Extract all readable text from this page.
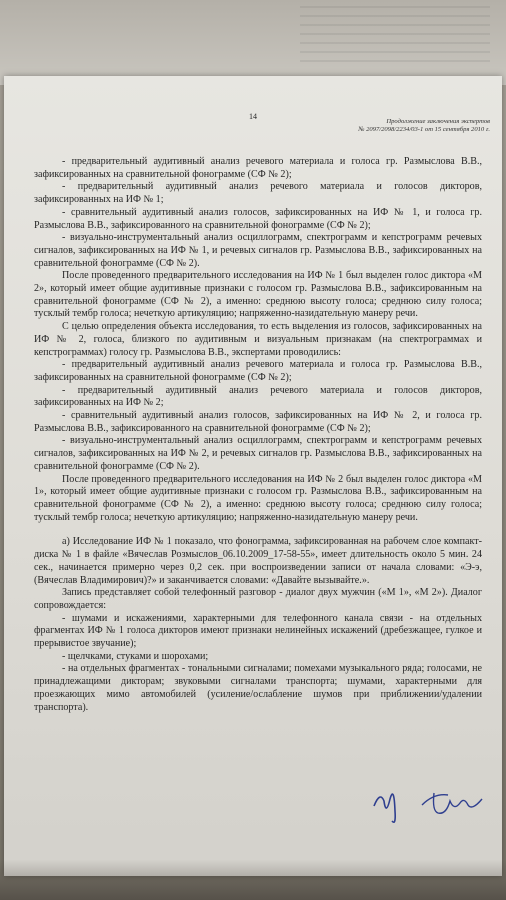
14
Продолжение заключения экспертов
№ 2097/2098/2234/03-1 от 15 сентября 2010 г.

- предварительный аудитивный анализ речевого материала и голоса гр. Размыслова В.В., зафиксированных на сравнительной фонограмме (СФ № 2);

- предварительный аудитивный анализ речевого материала и голосов дикторов, зафиксированных на ИФ № 1;

- сравнительный аудитивный анализ голосов, зафиксированных на ИФ № 1, и голоса гр. Размыслова В.В., зафиксированного на сравнительной фонограмме (СФ № 2);

- визуально-инструментальный анализ осциллограмм, спектрограмм и кепстрограмм речевых сигналов, зафиксированных на ИФ № 1, и речевых сигналов гр. Размыслова В.В., зафиксированных на сравнительной фонограмме (СФ № 2).

После проведенного предварительного исследования на ИФ № 1 был выделен голос диктора «М 2», который имеет общие аудитивные признаки с голосом гр. Размыслова В.В., зафиксированным на сравнительной фонограмме (СФ № 2), а именно: среднюю высоту голоса; среднюю силу голоса; тусклый тембр голоса; нечеткую артикуляцию; напряженно-назидательную манеру речи.

С целью определения объекта исследования, то есть выделения из голосов, зафиксированных на ИФ № 2, голоса, близкого по аудитивным и визуальным признакам (на спектрограммах и кепстрограммах) голосу гр. Размыслова В.В., экспертами проводились:

- предварительный аудитивный анализ речевого материала и голоса гр. Размыслова В.В., зафиксированных на сравнительной фонограмме (СФ № 2);

- предварительный аудитивный анализ речевого материала и голосов дикторов, зафиксированных на ИФ № 2;

- сравнительный аудитивный анализ голосов, зафиксированных на ИФ № 2, и голоса гр. Размыслова В.В., зафиксированного на сравнительной фонограмме (СФ № 2);

- визуально-инструментальный анализ осциллограмм, спектрограмм и кепстрограмм речевых сигналов, зафиксированных на ИФ № 2, и речевых сигналов гр. Размыслова В.В., зафиксированных на сравнительной фонограмме (СФ № 2).

После проведенного предварительного исследования на ИФ № 2 был выделен голос диктора «М 1», который имеет общие аудитивные признаки с голосом гр. Размыслова В.В., зафиксированным на сравнительной фонограмме (СФ № 2), а именно: среднюю высоту голоса; среднюю силу голоса; тусклый тембр голоса; нечеткую артикуляцию; напряженно-назидательную манеру речи.

а) Исследование ИФ № 1 показало, что фонограмма, зафиксированная на рабочем слое компакт-диска № 1 в файле «Вячеслав Розмыслов_06.10.2009_17-58-55», имеет длительность около 5 мин. 24 сек., начинается примерно через 0,2 сек. при воспроизведении записи от начала словами: «Э-э, (Вячеслав Владимирович)?» и заканчивается словами: «Давайте вызывайте.».

Запись представляет собой телефонный разговор - диалог двух мужчин («М 1», «М 2»). Диалог сопровождается:

- шумами и искажениями, характерными для телефонного канала связи - на отдельных фрагментах ИФ № 1 голоса дикторов имеют признаки нелинейных искажений (дребезжащее, гулкое и прерывистое звучание);

- щелчками, стуками и шорохами;

- на отдельных фрагментах - тональными сигналами; помехами музыкального ряда; голосами, не принадлежащими дикторам; звуковыми сигналами транспорта; шумами, характерными для проезжающих мимо автомобилей (усиление/ослабление шумов при приближении/удалении транспорта).
